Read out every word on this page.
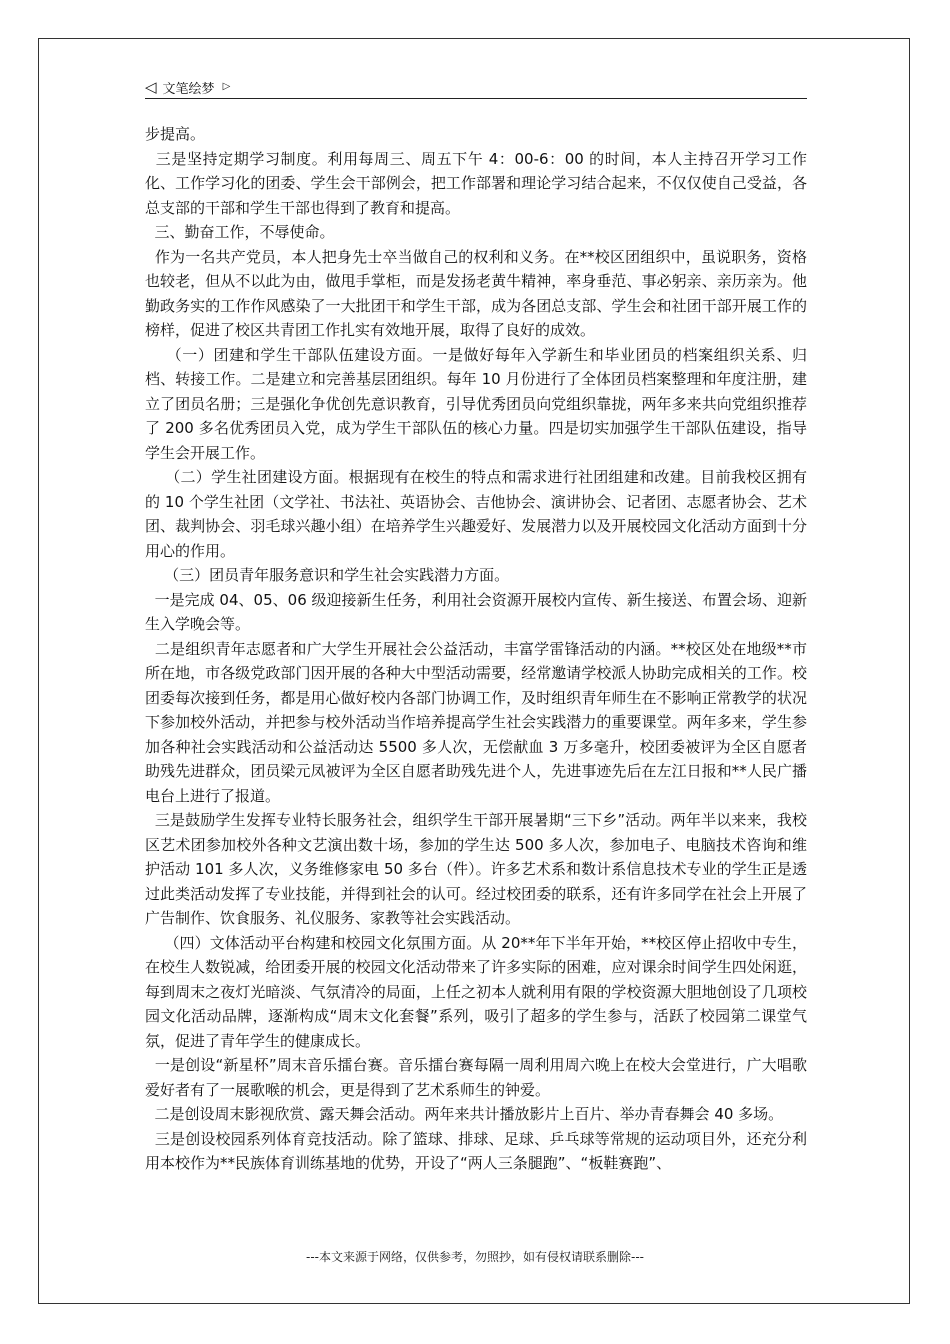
◁ 文笔绘梦 ▷

步提高。

三是坚持定期学习制度。利用每周三、周五下午 4：00-6：00 的时间，本人主持召开学习工作化、工作学习化的团委、学生会干部例会，把工作部署和理论学习结合起来，不仅仅使自己受益，各总支部的干部和学生干部也得到了教育和提高。

三、勤奋工作，不辱使命。

作为一名共产党员，本人把身先士卒当做自己的权利和义务。在**校区团组织中，虽说职务，资格也较老，但从不以此为由，做甩手掌柜，而是发扬老黄牛精神，率身垂范、事必躬亲、亲历亲为。他勤政务实的工作作风感染了一大批团干和学生干部，成为各团总支部、学生会和社团干部开展工作的榜样，促进了校区共青团工作扎实有效地开展，取得了良好的成效。

（一）团建和学生干部队伍建设方面。一是做好每年入学新生和毕业团员的档案组织关系、归档、转接工作。二是建立和完善基层团组织。每年 10 月份进行了全体团员档案整理和年度注册，建立了团员名册；三是强化争优创先意识教育，引导优秀团员向党组织靠拢，两年多来共向党组织推荐了 200 多名优秀团员入党，成为学生干部队伍的核心力量。四是切实加强学生干部队伍建设，指导学生会开展工作。

（二）学生社团建设方面。根据现有在校生的特点和需求进行社团组建和改建。目前我校区拥有的 10 个学生社团（文学社、书法社、英语协会、吉他协会、演讲协会、记者团、志愿者协会、艺术团、裁判协会、羽毛球兴趣小组）在培养学生兴趣爱好、发展潜力以及开展校园文化活动方面到十分用心的作用。

（三）团员青年服务意识和学生社会实践潜力方面。

一是完成 04、05、06 级迎接新生任务，利用社会资源开展校内宣传、新生接送、布置会场、迎新生入学晚会等。

二是组织青年志愿者和广大学生开展社会公益活动，丰富学雷锋活动的内涵。**校区处在地级**市所在地，市各级党政部门因开展的各种大中型活动需要，经常邀请学校派人协助完成相关的工作。校团委每次接到任务，都是用心做好校内各部门协调工作，及时组织青年师生在不影响正常教学的状况下参加校外活动，并把参与校外活动当作培养提高学生社会实践潜力的重要课堂。两年多来，学生参加各种社会实践活动和公益活动达 5500 多人次，无偿献血 3 万多毫升，校团委被评为全区自愿者助残先进群众，团员梁元凤被评为全区自愿者助残先进个人，先进事迹先后在左江日报和**人民广播电台上进行了报道。

三是鼓励学生发挥专业特长服务社会，组织学生干部开展暑期“三下乡”活动。两年半以来来，我校区艺术团参加校外各种文艺演出数十场，参加的学生达 500 多人次，参加电子、电脑技术咨询和维护活动 101 多人次，义务维修家电 50 多台（件）。许多艺术系和数计系信息技术专业的学生正是透过此类活动发挥了专业技能，并得到社会的认可。经过校团委的联系，还有许多同学在社会上开展了广告制作、饮食服务、礼仪服务、家教等社会实践活动。

（四）文体活动平台构建和校园文化氛围方面。从 20**年下半年开始，**校区停止招收中专生，在校生人数锐减，给团委开展的校园文化活动带来了许多实际的困难，应对课余时间学生四处闲逛，每到周末之夜灯光暗淡、气氛清冷的局面，上任之初本人就利用有限的学校资源大胆地创设了几项校园文化活动品牌，逐渐构成“周末文化套餐”系列，吸引了超多的学生参与，活跃了校园第二课堂气氛，促进了青年学生的健康成长。

一是创设“新星杯”周末音乐擂台赛。音乐擂台赛每隔一周利用周六晚上在校大会堂进行，广大唱歌爱好者有了一展歌喉的机会，更是得到了艺术系师生的钟爱。

二是创设周末影视欣赏、露天舞会活动。两年来共计播放影片上百片、举办青春舞会 40 多场。

三是创设校园系列体育竞技活动。除了篮球、排球、足球、乒乓球等常规的运动项目外，还充分利用本校作为**民族体育训练基地的优势，开设了“两人三条腿跑”、“板鞋赛跑”、

---本文来源于网络，仅供参考，勿照抄，如有侵权请联系删除---
